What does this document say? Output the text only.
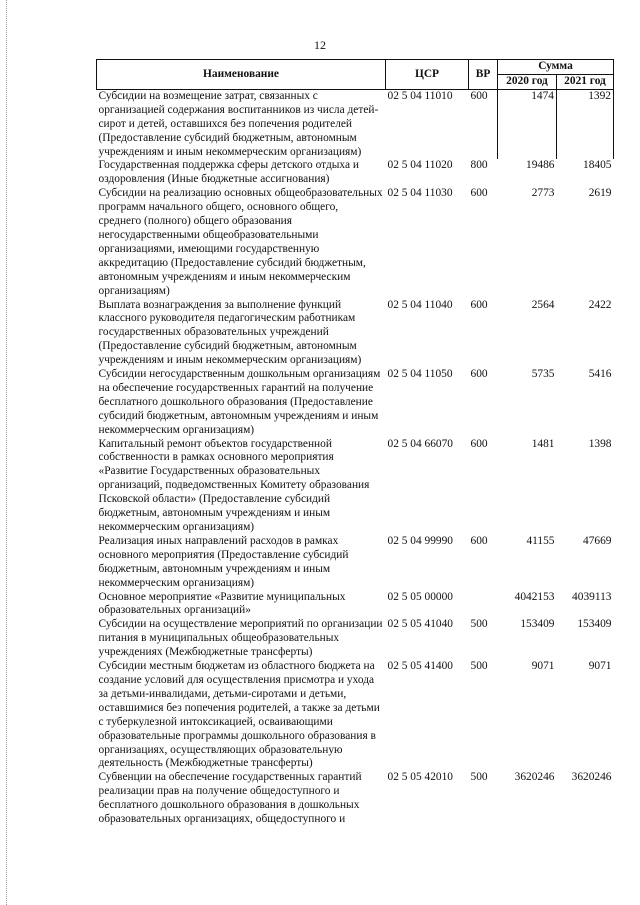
12
Наименование	ЦСР	ВР	Сумма	
			2020 год	2021 год
Субсидии на возмещение затрат, связанных с организацией содержания воспитанников из числа детей-сирот и детей, оставшихся без попечения родителей (Предоставление субсидий бюджетным, автономным учреждениям и иным некоммерческим организациям)	02 5 04 11010	600	1474	1392
Государственная поддержка сферы детского отдыха и оздоровления (Иные бюджетные ассигнования)	02 5 04 11020	800	19486	18405
Субсидии на реализацию основных общеобразовательных программ начального общего, основного общего, среднего (полного) общего образования негосударственными общеобразовательными организациями, имеющими государственную аккредитацию (Предоставление субсидий бюджетным, автономным учреждениям и иным некоммерческим организациям)	02 5 04 11030	600	2773	2619
Выплата вознаграждения за выполнение функций классного руководителя педагогическим работникам государственных образовательных учреждений (Предоставление субсидий бюджетным, автономным учреждениям и иным некоммерческим организациям)	02 5 04 11040	600	2564	2422
Субсидии негосударственным дошкольным организациям на обеспечение государственных гарантий на получение бесплатного дошкольного образования (Предоставление субсидий бюджетным, автономным учреждениям и иным некоммерческим организациям)	02 5 04 11050	600	5735	5416
Капитальный ремонт объектов государственной собственности в рамках основного мероприятия «Развитие Государственных образовательных организаций, подведомственных Комитету образования Псковской области» (Предоставление субсидий бюджетным, автономным учреждениям и иным некоммерческим организациям)	02 5 04 66070	600	1481	1398
Реализация иных направлений расходов в рамках основного мероприятия (Предоставление субсидий бюджетным, автономным учреждениям и иным некоммерческим организациям)	02 5 04 99990	600	41155	47669
Основное мероприятие «Развитие муниципальных образовательных организаций»	02 5 05 00000		4042153	4039113
Субсидии на осуществление мероприятий по организации питания в муниципальных общеобразовательных учреждениях (Межбюджетные трансферты)	02 5 05 41040	500	153409	153409
Субсидии местным бюджетам из областного бюджета на создание условий для осуществления присмотра и ухода за детьми-инвалидами, детьми-сиротами и детьми, оставшимися без попечения родителей, а также за детьми с туберкулезной интоксикацией, осваивающими образовательные программы дошкольного образования в организациях, осуществляющих образовательную деятельность (Межбюджетные трансферты)	02 5 05 41400	500	9071	9071
Субвенции на обеспечение государственных гарантий реализации прав на получение общедоступного и бесплатного дошкольного образования в дошкольных образовательных организациях, общедоступного и	02 5 05 42010	500	3620246	3620246
